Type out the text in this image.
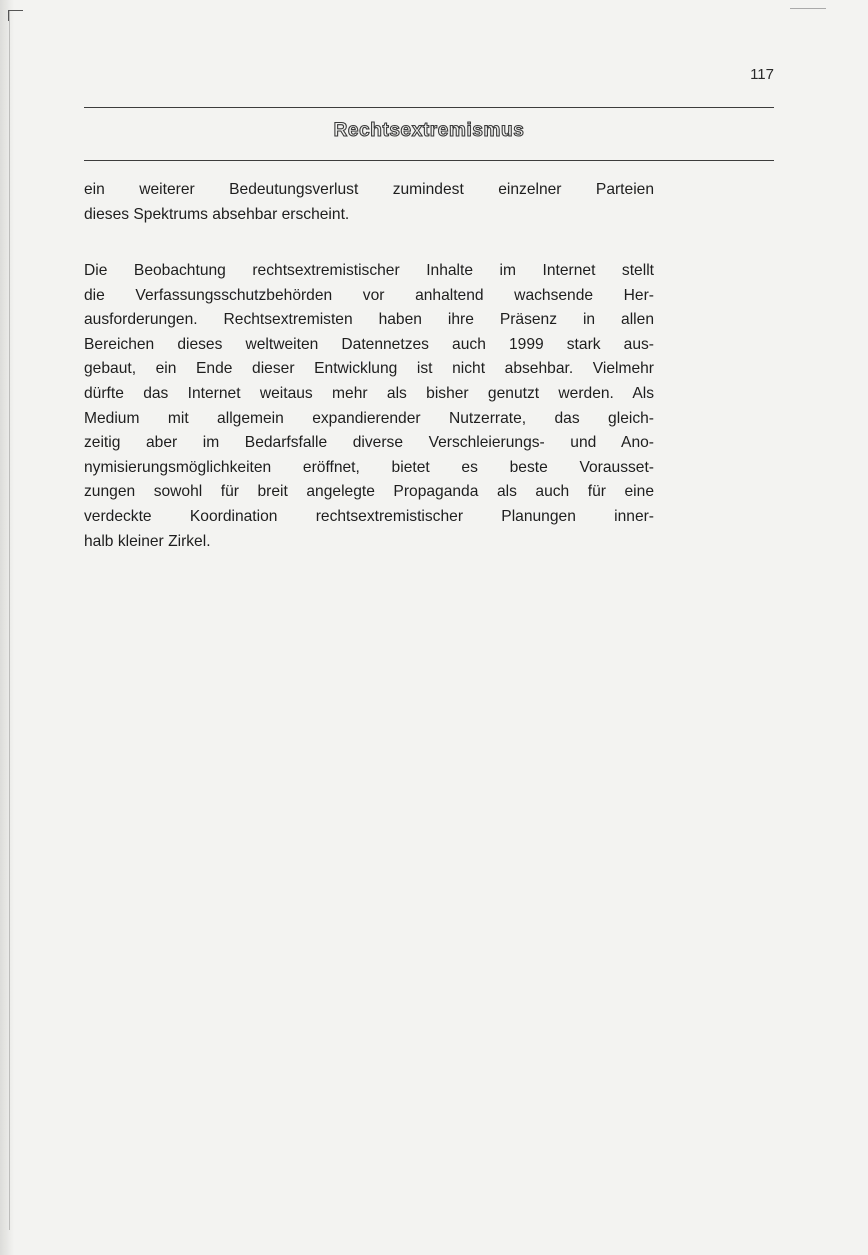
117
Rechtsextremismus
ein weiterer Bedeutungsverlust zumindest einzelner Parteien
dieses Spektrums absehbar erscheint.
Die Beobachtung rechtsextremistischer Inhalte im Internet stellt
die Verfassungsschutzbehörden vor anhaltend wachsende Her-
ausforderungen. Rechtsextremisten haben ihre Präsenz in allen
Bereichen dieses weltweiten Datennetzes auch 1999 stark aus-
gebaut, ein Ende dieser Entwicklung ist nicht absehbar. Vielmehr
dürfte das Internet weitaus mehr als bisher genutzt werden. Als
Medium mit allgemein expandierender Nutzerrate, das gleich-
zeitig aber im Bedarfsfalle diverse Verschleierungs- und Ano-
nymisierungsmöglichkeiten eröffnet, bietet es beste Vorausset-
zungen sowohl für breit angelegte Propaganda als auch für eine
verdeckte Koordination rechtsextremistischer Planungen inner-
halb kleiner Zirkel.
